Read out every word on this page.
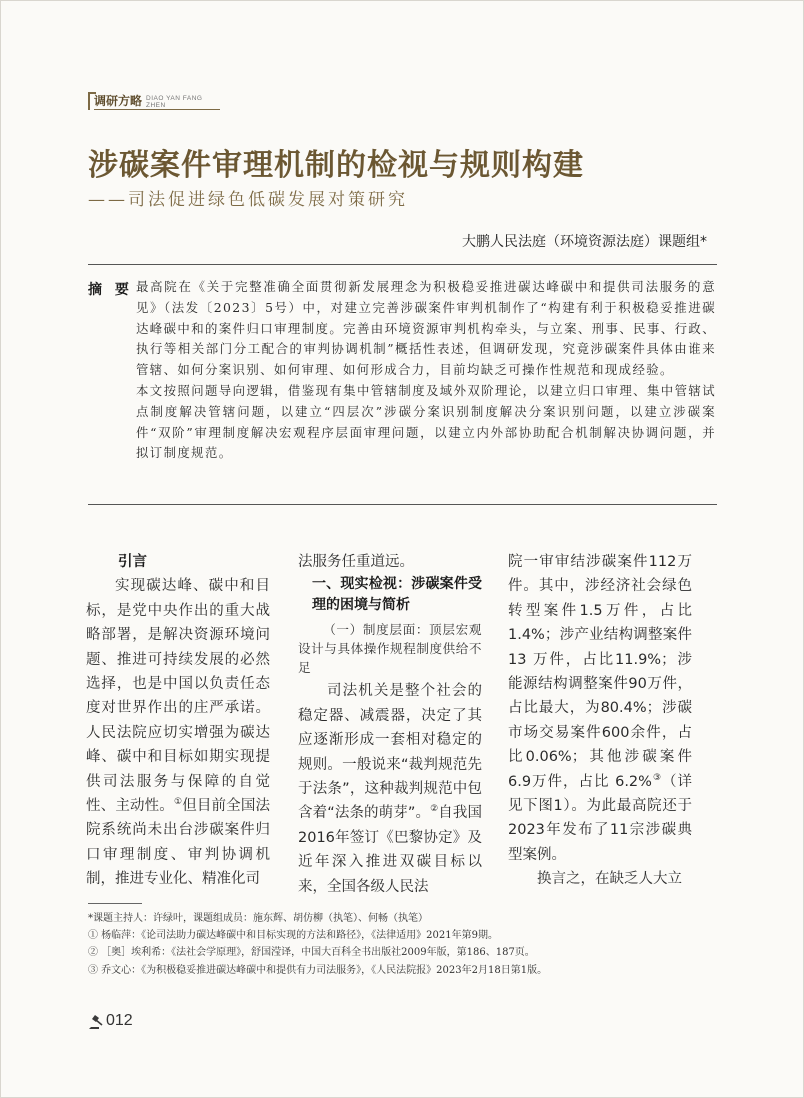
调研方略 DIAO YAN FANG ZHEN
涉碳案件审理机制的检视与规则构建
——司法促进绿色低碳发展对策研究
大鹏人民法庭（环境资源法庭）课题组*
摘 要 最高院在《关于完整准确全面贯彻新发展理念为积极稳妥推进碳达峰碳中和提供司法服务的意见》（法发〔2023〕5号）中，对建立完善涉碳案件审判机制作了“构建有利于积极稳妥推进碳达峰碳中和的案件归口审理制度。完善由环境资源审判机构牵头，与立案、刑事、民事、行政、执行等相关部门分工配合的审判协调机制”概括性表述，但调研发现，究竟涉碳案件具体由谁来管辖、如何分案识别、如何审理、如何形成合力，目前均缺乏可操作性规范和现成经验。

本文按照问题导向逻辑，借鉴现有集中管辖制度及域外双阶理论，以建立归口审理、集中管辖试点制度解决管辖问题，以建立“四层次”涉碳分案识别制度解决分案识别问题，以建立涉碳案件“双阶”审理制度解决宏观程序层面审理问题，以建立内外部协助配合机制解决协调问题，并拟订制度规范。

引言

实现碳达峰、碳中和目标，是党中央作出的重大战略部署，是解决资源环境问题、推进可持续发展的必然选择，也是中国以负责任态度对世界作出的庄严承诺。人民法院应切实增强为碳达峰、碳中和目标如期实现提供司法服务与保障的自觉性、主动性。①但目前全国法院系统尚未出台涉碳案件归口审理制度、审判协调机制，推进专业化、精准化司

法服务任重道远。

一、现实检视：涉碳案件受理的困境与简析

（一）制度层面：顶层宏观设计与具体操作规程制度供给不足

司法机关是整个社会的稳定器、减震器，决定了其应逐渐形成一套相对稳定的规则。一般说来“裁判规范先于法条”，这种裁判规范中包含着“法条的萌芽”。②自我国2016年签订《巴黎协定》及近年深入推进双碳目标以来，全国各级人民法

院一审审结涉碳案件112万件。其中，涉经济社会绿色转型案件1.5万件，占比1.4%；涉产业结构调整案件13 万件，占比11.9%；涉能源结构调整案件90万件，占比最大，为80.4%；涉碳市场交易案件600余件，占比0.06%；其他涉碳案件6.9万件，占比 6.2%③（详见下图1）。为此最高院还于2023年发布了11宗涉碳典型案例。

换言之，在缺乏人大立

*课题主持人：许绿叶，课题组成员：施东辉、胡仿柳（执笔）、何畅（执笔）
① 杨临萍：《论司法助力碳达峰碳中和目标实现的方法和路径》，《法律适用》2021年第9期。
② ［奥］埃利希：《法社会学原理》，舒国滢译，中国大百科全书出版社2009年版，第186、187页。
③ 乔文心：《为积极稳妥推进碳达峰碳中和提供有力司法服务》，《人民法院报》2023年2月18日第1版。
012
